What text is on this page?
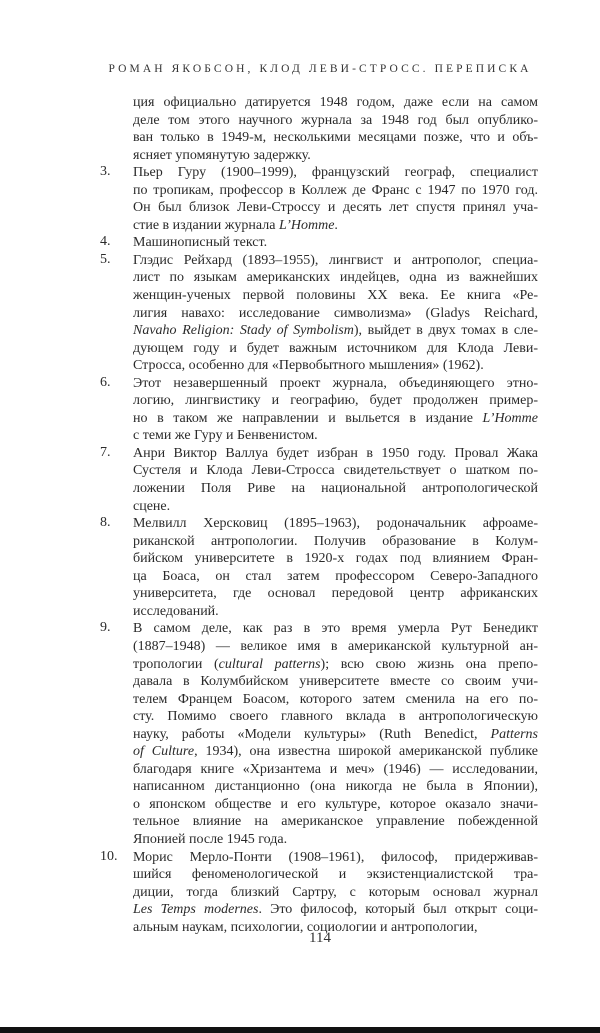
РОМАН ЯКОБСОН, КЛОД ЛЕВИ-СТРОСС. ПЕРЕПИСКА
ция официально датируется 1948 годом, даже если на самом
деле том этого научного журнала за 1948 год был опублико-
ван только в 1949-м, несколькими месяцами позже, что и объ-
ясняет упомянутую задержку.
3.	Пьер Гуру (1900–1999), французский географ, специалист
по тропикам, профессор в Коллеж де Франс с 1947 по 1970 год.
Он был близок Леви-Строссу и десять лет спустя принял уча-
стие в издании журнала L’Homme.
4.	Машинописный текст.
5.	Глэдис Рейхард (1893–1955), лингвист и антрополог, специа-
лист по языкам американских индейцев, одна из важнейших
женщин-ученых первой половины XX века. Ее книга «Ре-
лигия навахо: исследование символизма» (Gladys Reichard,
Navaho Religion: Stady of Symbolism), выйдет в двух томах в сле-
дующем году и будет важным источником для Клода Леви-
Стросса, особенно для «Первобытного мышления» (1962).
6.	Этот незавершенный проект журнала, объединяющего этно-
логию, лингвистику и географию, будет продолжен пример-
но в таком же направлении и выльется в издание L’Homme
с теми же Гуру и Бенвенистом.
7.	Анри Виктор Валлуа будет избран в 1950 году. Провал Жака
Сустеля и Клода Леви-Стросса свидетельствует о шатком по-
ложении Поля Риве на национальной антропологической
сцене.
8.	Мелвилл Херсковиц (1895–1963), родоначальник афроаме-
риканской антропологии. Получив образование в Колум-
бийском университете в 1920-х годах под влиянием Фран-
ца Боаса, он стал затем профессором Северо-Западного
университета, где основал передовой центр африканских
исследований.
9.	В самом деле, как раз в это время умерла Рут Бенедикт
(1887–1948) — великое имя в американской культурной ан-
тропологии (cultural patterns); всю свою жизнь она препо-
давала в Колумбийском университете вместе со своим учи-
телем Францем Боасом, которого затем сменила на его по-
сту. Помимо своего главного вклада в антропологическую
науку, работы «Модели культуры» (Ruth Benedict, Patterns
of Culture, 1934), она известна широкой американской публике
благодаря книге «Хризантема и меч» (1946) — исследовании,
написанном дистанционно (она никогда не была в Японии),
о японском обществе и его культуре, которое оказало значи-
тельное влияние на американское управление побежденной
Японией после 1945 года.
10.	Морис Мерло-Понти (1908–1961), философ, придерживав-
шийся феноменологической и экзистенциалистской тра-
диции, тогда близкий Сартру, с которым основал журнал
Les Temps modernes. Это философ, который был открыт соци-
альным наукам, психологии, социологии и антропологии,
114
